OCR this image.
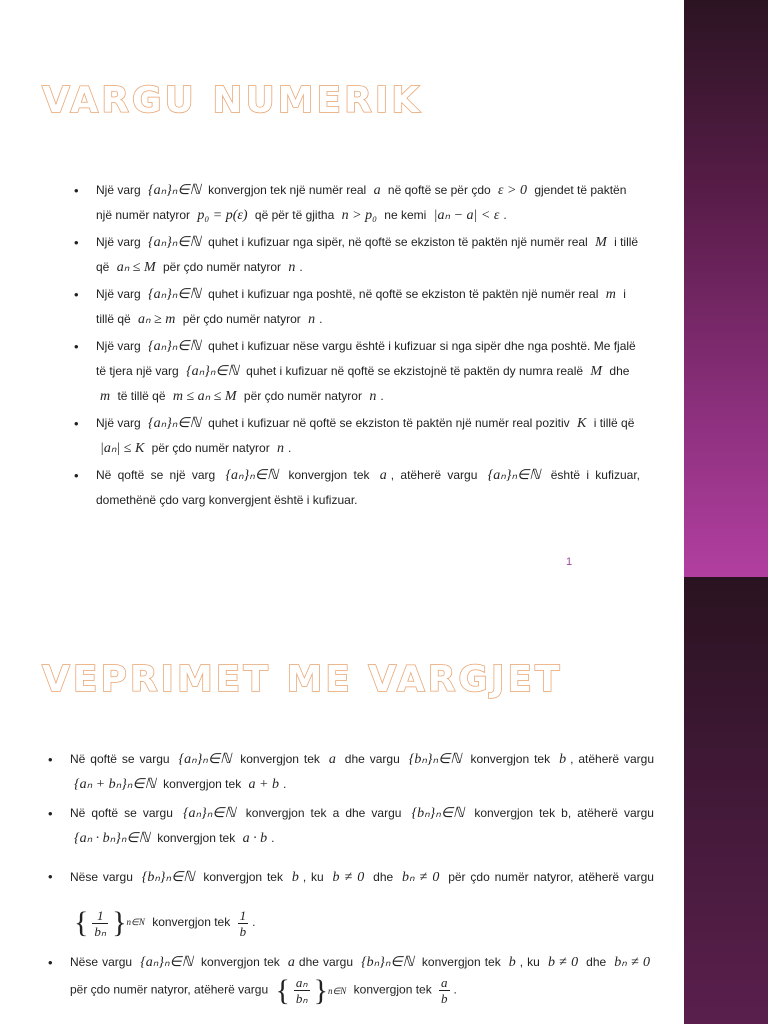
VARGU NUMERIK
• Një varg {aₙ}ₙ∈ℕ konvergjon tek një numër real a në qoftë se për çdo ε > 0 gjendet të paktën një numër natyror p₀ = p(ε) që për të gjitha n > p₀ ne kemi |aₙ − a| < ε .
• Një varg {aₙ}ₙ∈ℕ quhet i kufizuar nga sipër, në qoftë se ekziston të paktën një numër real M i tillë që aₙ ≤ M për çdo numër natyror n .
• Një varg {aₙ}ₙ∈ℕ quhet i kufizuar nga poshtë, në qoftë se ekziston të paktën një numër real m i tillë që aₙ ≥ m për çdo numër natyror n .
• Një varg {aₙ}ₙ∈ℕ quhet i kufizuar nëse vargu është i kufizuar si nga sipër dhe nga poshtë. Me fjalë të tjera një varg {aₙ}ₙ∈ℕ quhet i kufizuar në qoftë se ekzistojnë të paktën dy numra realë M dhe m të tillë që m ≤ aₙ ≤ M për çdo numër natyror n .
• Një varg {aₙ}ₙ∈ℕ quhet i kufizuar në qoftë se ekziston të paktën një numër real pozitiv K i tillë që |aₙ| ≤ K për çdo numër natyror n .
• Në qoftë se një varg {aₙ}ₙ∈ℕ konvergjon tek a , atëherë vargu {aₙ}ₙ∈ℕ është i kufizuar, domethënë çdo varg konvergjent është i kufizuar.
1
VEPRIMET ME VARGJET
• Në qoftë se vargu {aₙ}ₙ∈ℕ konvergjon tek a dhe vargu {bₙ}ₙ∈ℕ konvergjon tek b , atëherë vargu {aₙ + bₙ}ₙ∈ℕ konvergjon tek a + b .
• Në qoftë se vargu {aₙ}ₙ∈ℕ konvergjon tek a dhe vargu {bₙ}ₙ∈ℕ konvergjon tek b, atëherë vargu {aₙ · bₙ}ₙ∈ℕ konvergjon tek a · b .
• Nëse vargu {bₙ}ₙ∈ℕ konvergjon tek b , ku b ≠ 0 dhe bₙ ≠ 0 për çdo numër natyror, atëherë vargu
{ $\frac{1}{\text{bₙ}}$ } n∈N konvergjon tek $\frac{1}{b}$ .
• Nëse vargu {aₙ}ₙ∈ℕ konvergjon tek a dhe vargu {bₙ}ₙ∈ℕ konvergjon tek b , ku b ≠ 0 dhe bₙ ≠ 0 për çdo numër natyror, atëherë vargu { $\frac{\text{aₙ}}{\text{bₙ}}$ } n∈N konvergjon tek $\frac{a}{b}$ .
